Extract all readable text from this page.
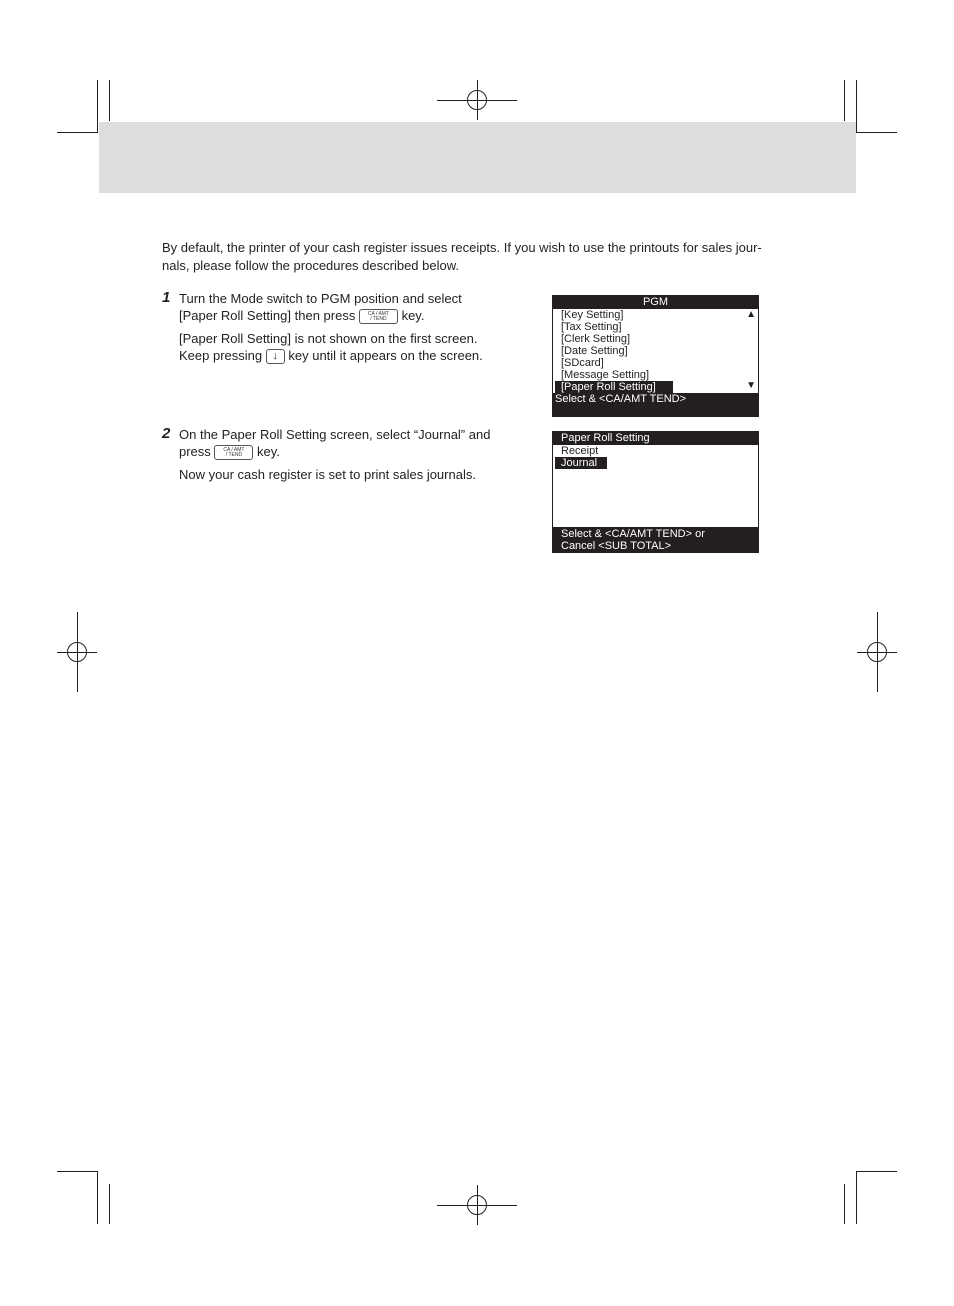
By default, the printer of your cash register issues receipts. If you wish to use the printouts for sales jour-
nals, please follow the procedures described below.
1 Turn the Mode switch to PGM position and select
[Paper Roll Setting] then press	CA / AMT
/ TEND key.

[Paper Roll Setting] is not shown on the first screen.
Keep pressing ↓ key until it appears on the screen.

PGM
[Key Setting]
[Tax Setting]
[Clerk Setting]
[Date Setting]
[SDcard]
[Message Setting]
[Paper Roll Setting]
▲
▼
Select & <CA/AMT TEND>
2 On the Paper Roll Setting screen, select “Journal” and
press	CA / AMT
/ TEND key.

Now your cash register is set to print sales journals.

Paper Roll Setting
Receipt
Journal
Select & <CA/AMT TEND> or
Cancel <SUB TOTAL>
